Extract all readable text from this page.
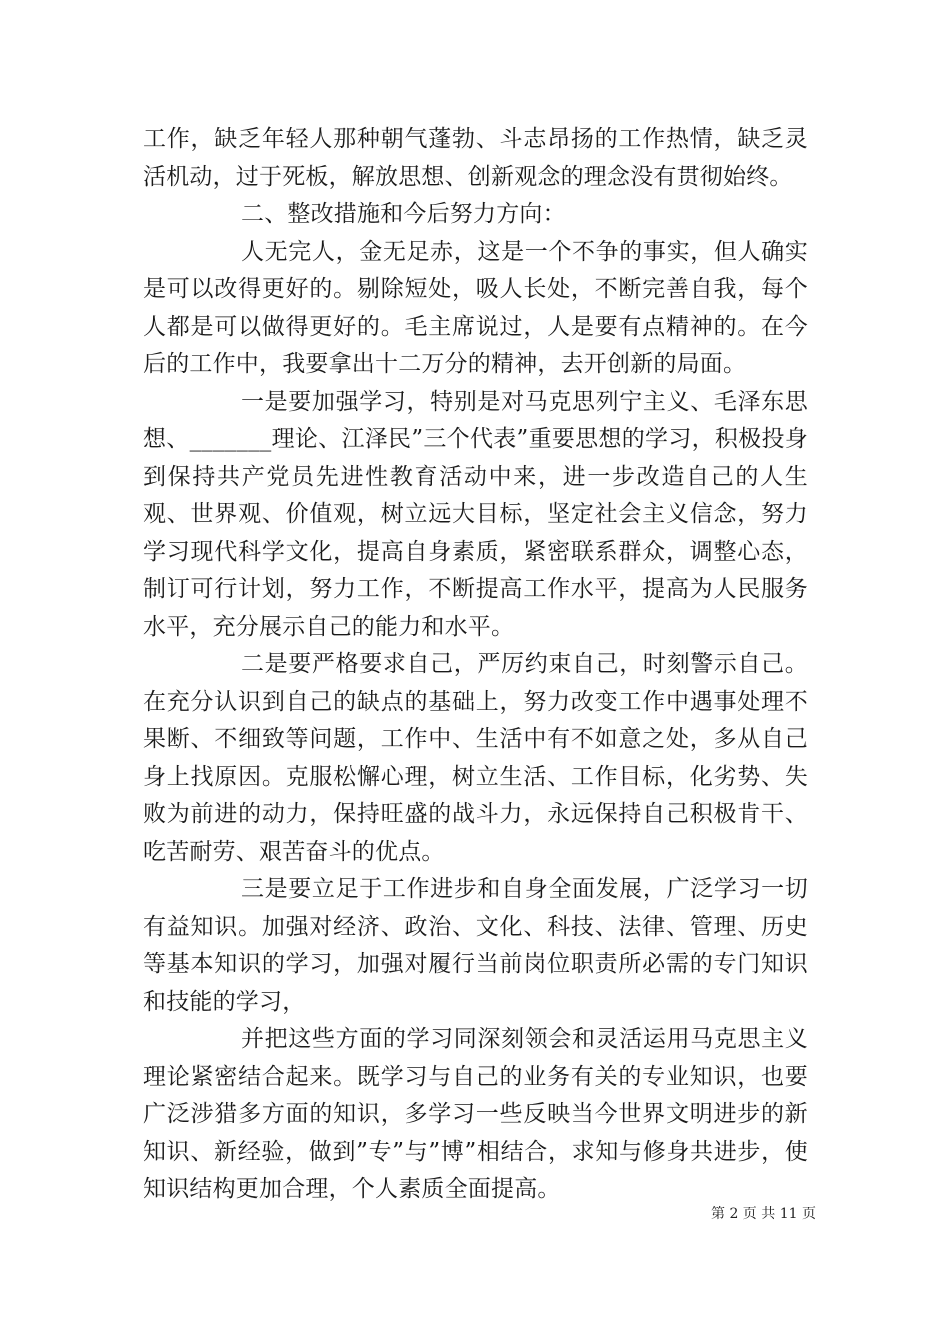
工作，缺乏年轻人那种朝气蓬勃、斗志昂扬的工作热情，缺乏灵活机动，过于死板，解放思想、创新观念的理念没有贯彻始终。

二、整改措施和今后努力方向：

人无完人，金无足赤，这是一个不争的事实，但人确实是可以改得更好的。剔除短处，吸人长处，不断完善自我，每个人都是可以做得更好的。毛主席说过，人是要有点精神的。在今后的工作中，我要拿出十二万分的精神，去开创新的局面。

一是要加强学习，特别是对马克思列宁主义、毛泽东思想、_______理论、江泽民”三个代表”重要思想的学习，积极投身到保持共产党员先进性教育活动中来，进一步改造自己的人生观、世界观、价值观，树立远大目标，坚定社会主义信念，努力学习现代科学文化，提高自身素质，紧密联系群众，调整心态，制订可行计划，努力工作，不断提高工作水平，提高为人民服务水平，充分展示自己的能力和水平。

二是要严格要求自己，严厉约束自己，时刻警示自己。在充分认识到自己的缺点的基础上，努力改变工作中遇事处理不果断、不细致等问题，工作中、生活中有不如意之处，多从自己身上找原因。克服松懈心理，树立生活、工作目标，化劣势、失败为前进的动力，保持旺盛的战斗力，永远保持自己积极肯干、吃苦耐劳、艰苦奋斗的优点。

三是要立足于工作进步和自身全面发展，广泛学习一切有益知识。加强对经济、政治、文化、科技、法律、管理、历史等基本知识的学习，加强对履行当前岗位职责所必需的专门知识和技能的学习，

并把这些方面的学习同深刻领会和灵活运用马克思主义理论紧密结合起来。既学习与自己的业务有关的专业知识，也要广泛涉猎多方面的知识，多学习一些反映当今世界文明进步的新知识、新经验，做到”专”与”博”相结合，求知与修身共进步，使知识结构更加合理，个人素质全面提高。

第 2 页 共 11 页
